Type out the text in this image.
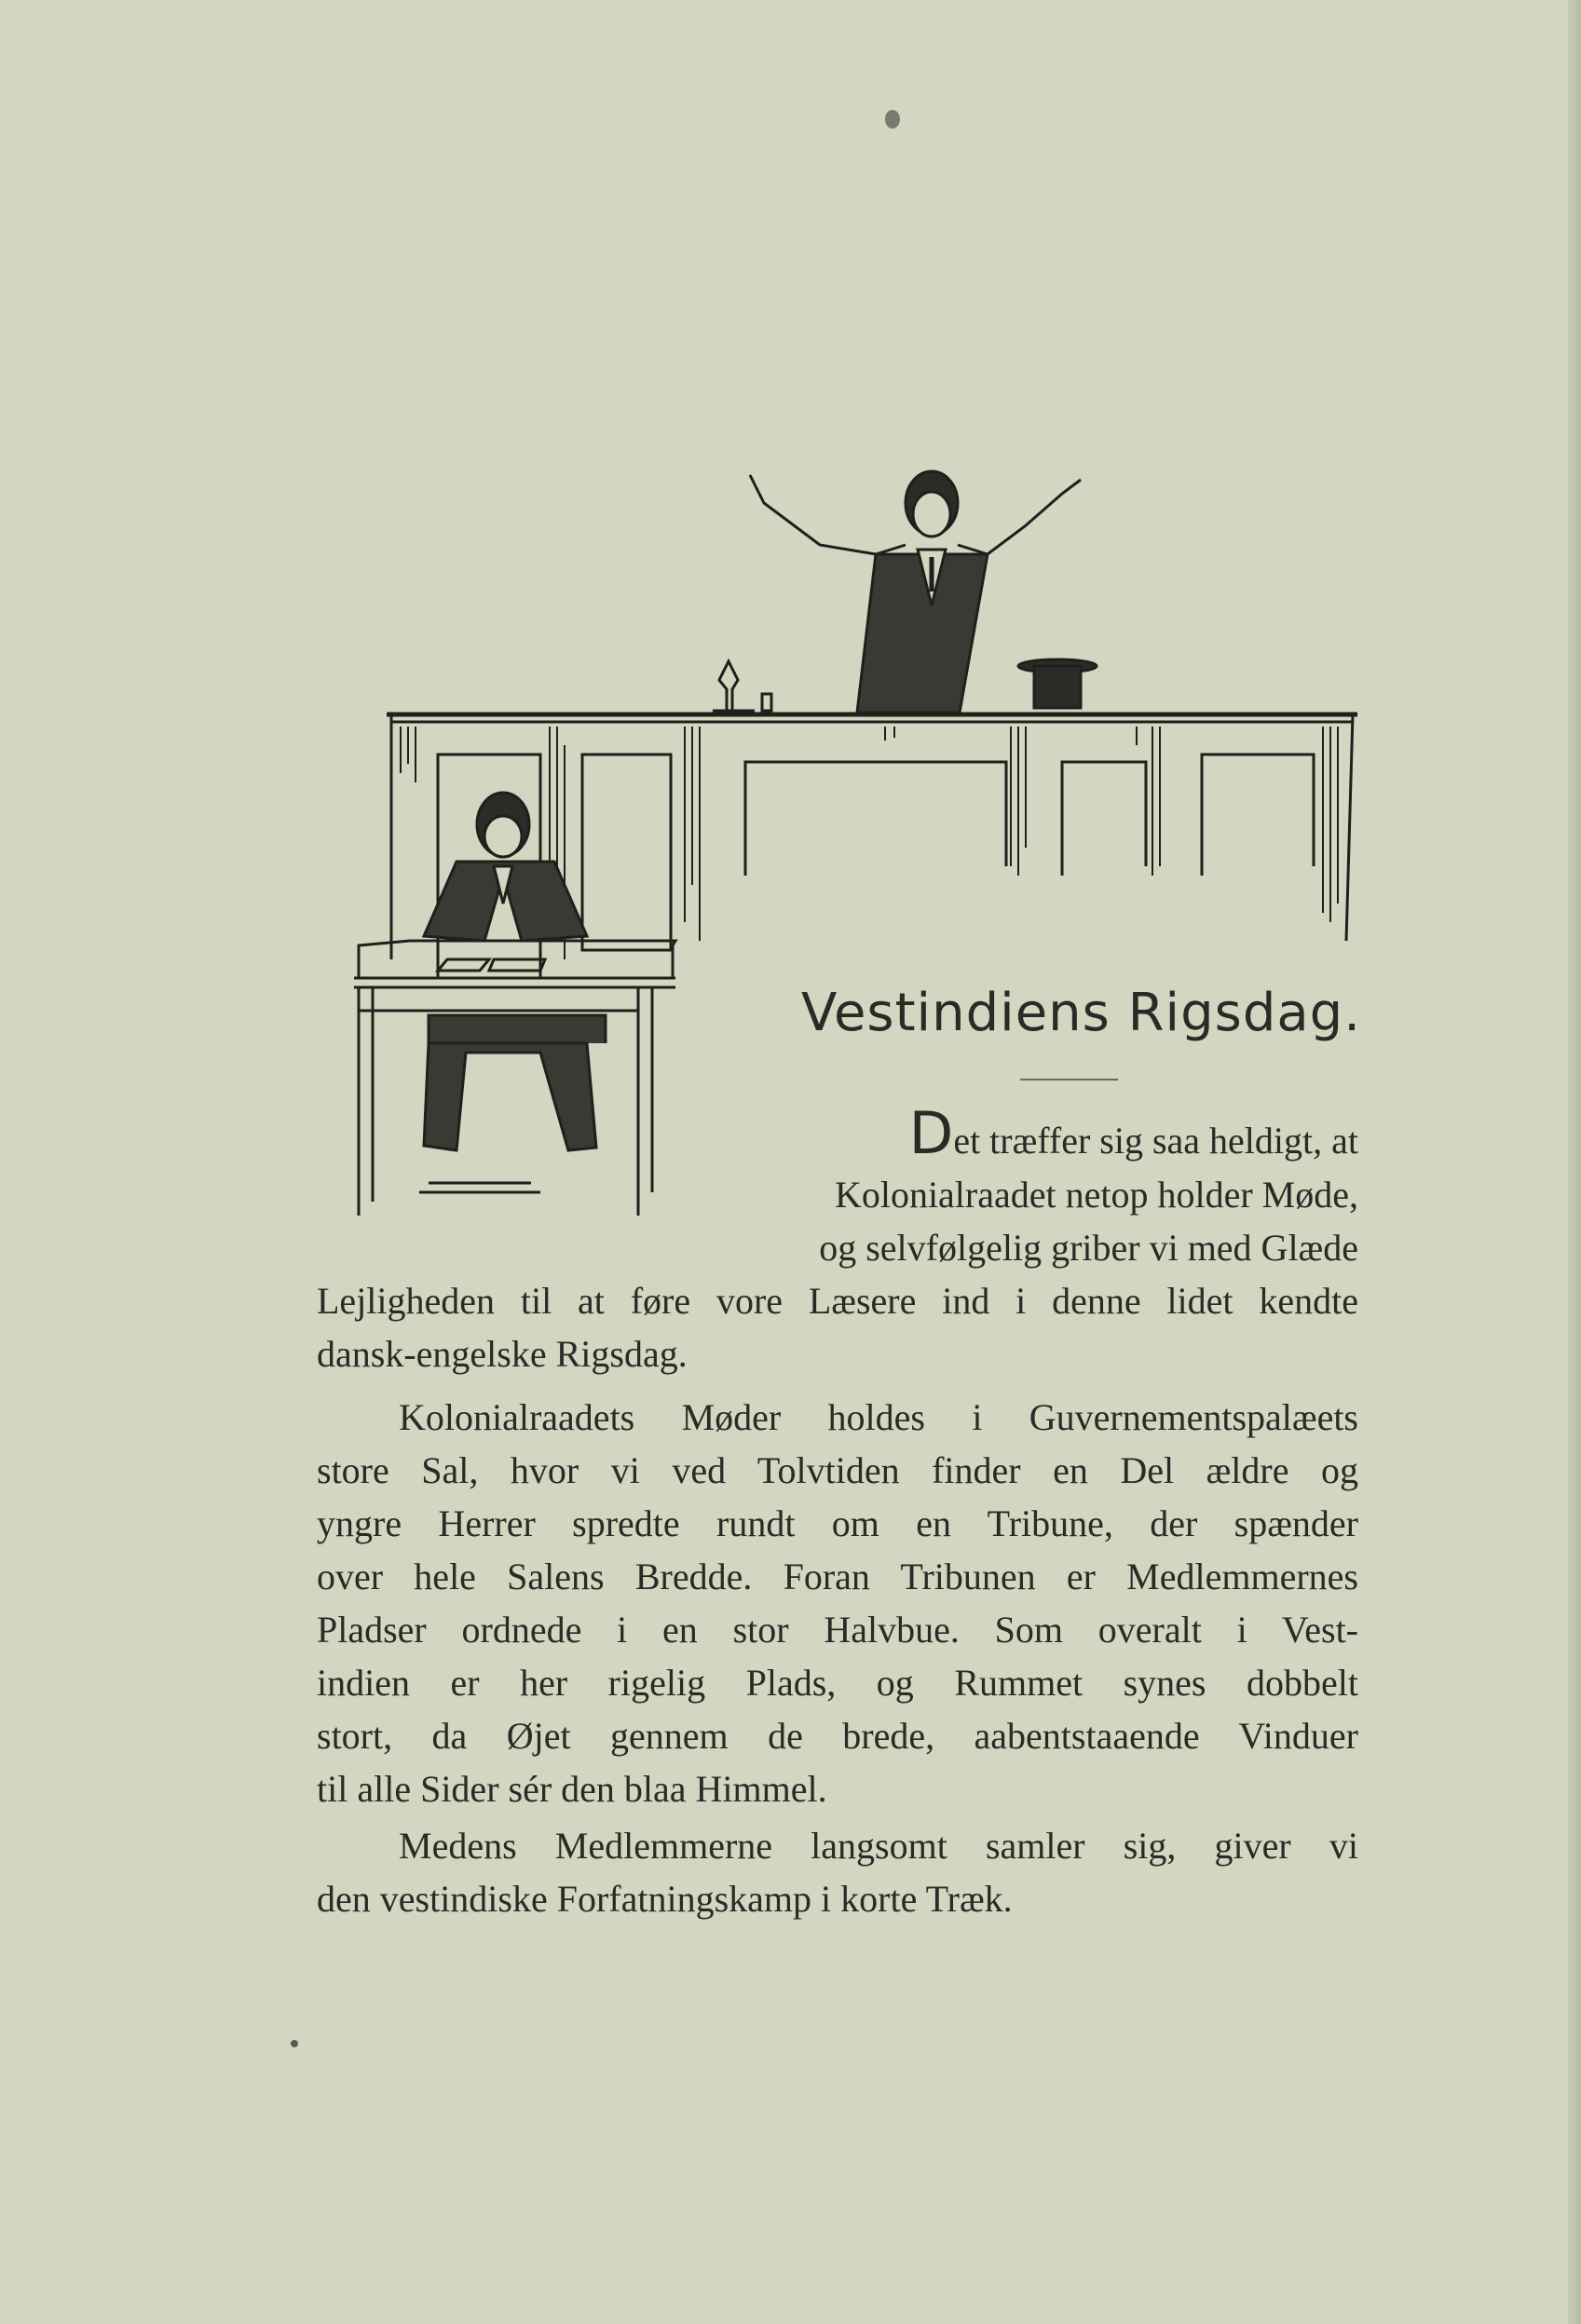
Vestindiens Rigsdag.
Det træffer sig saa heldigt, at
Kolonialraadet netop holder Møde,
og selvfølgelig griber vi med Glæde
Lejligheden til at føre vore Læsere ind i denne lidet kendte
dansk-engelske Rigsdag.
Kolonialraadets Møder holdes i Guvernementspalæets
store Sal, hvor vi ved Tolvtiden finder en Del ældre og
yngre Herrer spredte rundt om en Tribune, der spænder
over hele Salens Bredde. Foran Tribunen er Medlemmernes
Pladser ordnede i en stor Halvbue. Som overalt i Vest-
indien er her rigelig Plads, og Rummet synes dobbelt
stort, da Øjet gennem de brede, aabentstaaende Vinduer
til alle Sider sér den blaa Himmel.
Medens Medlemmerne langsomt samler sig, giver vi
den vestindiske Forfatningskamp i korte Træk.
